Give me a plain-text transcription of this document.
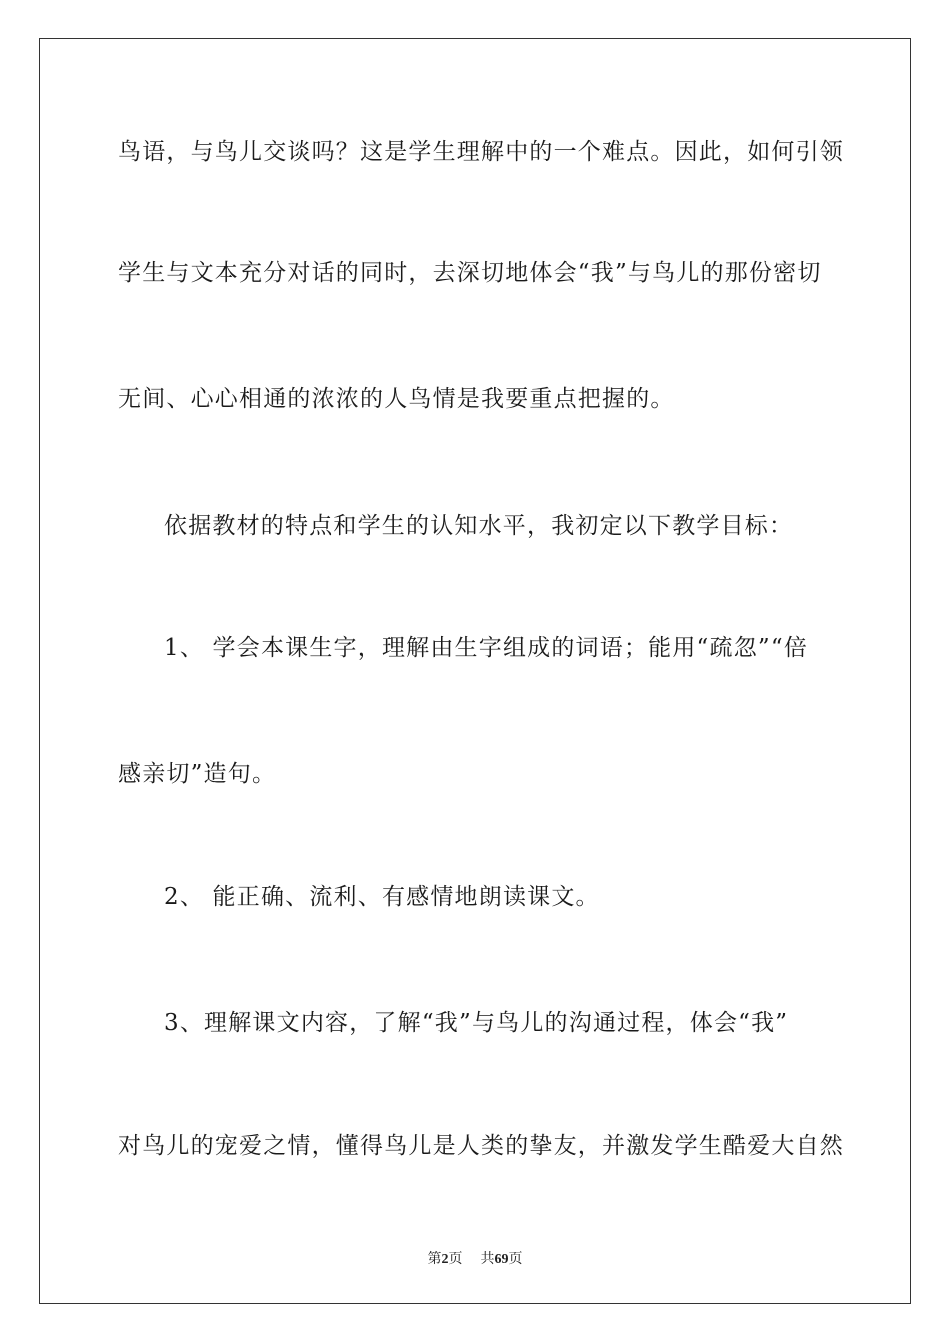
鸟语，与鸟儿交谈吗？这是学生理解中的一个难点。因此，如何引领
学生与文本充分对话的同时，去深切地体会“我”与鸟儿的那份密切
无间、心心相通的浓浓的人鸟情是我要重点把握的。
依据教材的特点和学生的认知水平，我初定以下教学目标：
1、 学会本课生字，理解由生字组成的词语；能用“疏忽”“倍
感亲切”造句。
2、 能正确、流利、有感情地朗读课文。
3、理解课文内容，了解“我”与鸟儿的沟通过程，体会“我”
对鸟儿的宠爱之情，懂得鸟儿是人类的挚友，并激发学生酷爱大自然
第2页 共69页
